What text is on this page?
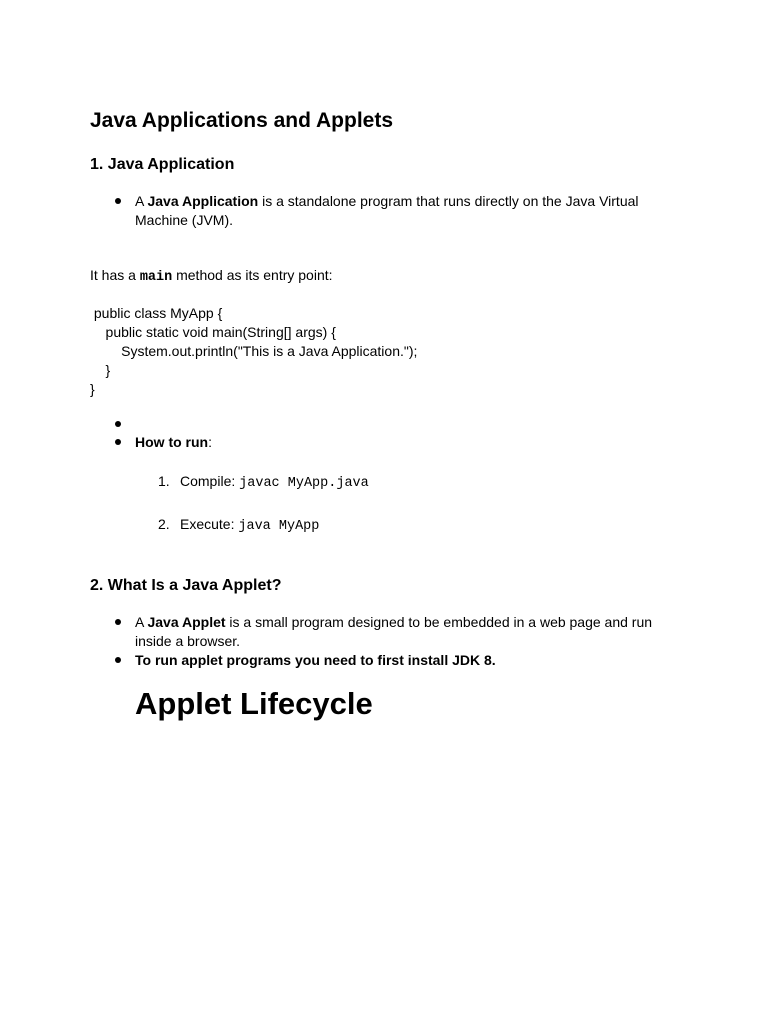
Java Applications and Applets
1. Java Application
A Java Application is a standalone program that runs directly on the Java Virtual
Machine (JVM).
It has a main method as its entry point:
public class MyApp {
public static void main(String[] args) {
System.out.println("This is a Java Application.");
}
}
How to run:
1. Compile: javac MyApp.java
2. Execute: java MyApp
2. What Is a Java Applet?
A Java Applet is a small program designed to be embedded in a web page and run
inside a browser.
To run applet programs you need to first install JDK 8.
Applet Lifecycle
